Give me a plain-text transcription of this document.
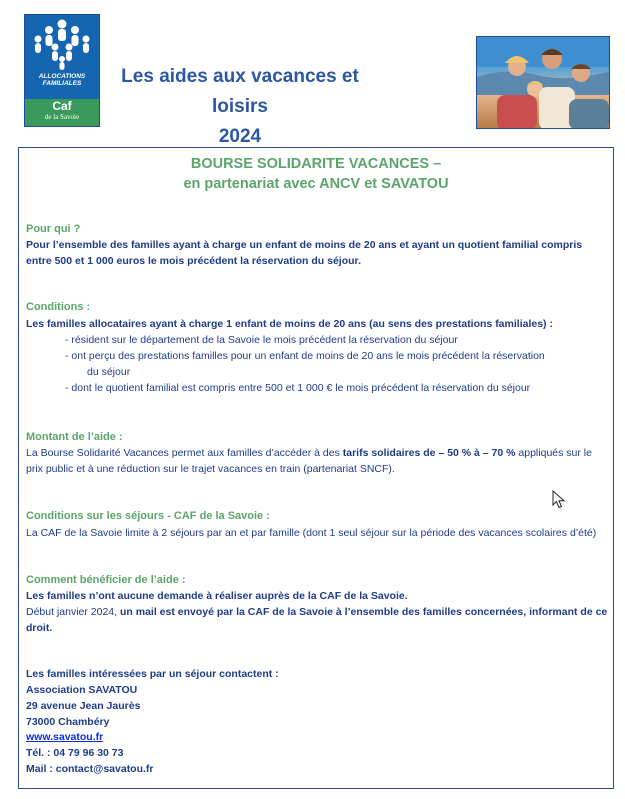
ALLOCATIONS
FAMILIALES
Caf
de la Savoie
Les aides aux vacances et loisirs
2024
BOURSE SOLIDARITE VACANCES –
en partenariat avec ANCV et SAVATOU
Pour qui ?
Pour l’ensemble des familles ayant à charge un enfant de moins de 20 ans et ayant un quotient familial compris entre 500 et 1 000 euros le mois précédent la réservation du séjour.
Conditions :
Les familles allocataires ayant à charge 1 enfant de moins de 20 ans (au sens des prestations familiales) :
- résident sur le département de la Savoie le mois précédent la réservation du séjour
- ont perçu des prestations familles pour un enfant de moins de 20 ans le mois précédent la réservation
du séjour
- dont le quotient familial est compris entre 500 et 1 000 € le mois précédent la réservation du séjour
Montant de l’aide :
La Bourse Solidarité Vacances permet aux familles d’accéder à des tarifs solidaires de – 50 % à – 70 % appliqués sur le prix public et à une réduction sur le trajet vacances en train (partenariat SNCF).
Conditions sur les séjours - CAF de la Savoie :
La CAF de la Savoie limite à 2 séjours par an et par famille (dont 1 seul séjour sur la période des vacances scolaires d’été)
Comment bénéficier de l’aide :
Les familles n’ont aucune demande à réaliser auprès de la CAF de la Savoie.
Début janvier 2024, un mail est envoyé par la CAF de la Savoie à l’ensemble des familles concernées, informant de ce droit.
Les familles intéressées par un séjour contactent :
Association SAVATOU
29 avenue Jean Jaurès
73000 Chambéry
www.savatou.fr
Tél. : 04 79 96 30 73
Mail : contact@savatou.fr
